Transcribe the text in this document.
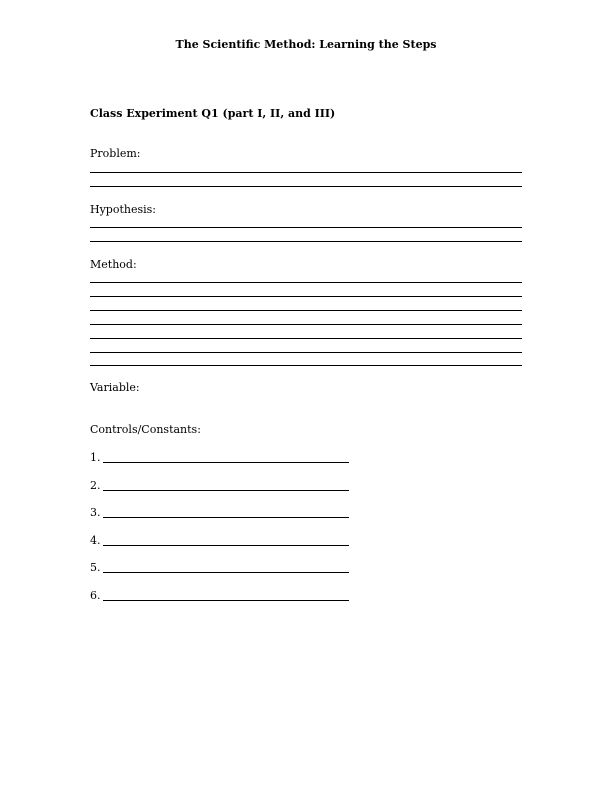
The Scientific Method: Learning the Steps
Class Experiment Q1 (part I, II, and III)
Problem:
Hypothesis:
Method:
Variable:
Controls/Constants:
1.
2.
3.
4.
5.
6.
